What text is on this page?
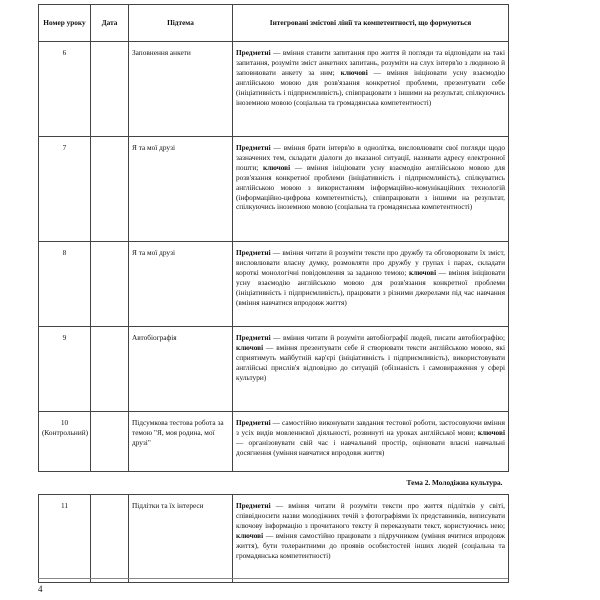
Номер уроку	Дата	Підтема	Інтегровані змістові лінії та компетентності, що формуються
6		Заповнення анкети	Предметні — вміння ставити запитання про життя й погляди та відповідати на такі запитання, розуміти зміст анкетних запитань, розуміти на слух інтерв'ю з людиною й заповнювати анкету за ним; ключові — вміння ініціювати усну взаємодію англійською мовою для розв'язання конкретної проблеми, презентувати себе (ініціативність і підприємливість), співпрацювати з іншими на результат, спілкуючись іноземною мовою (соціальна та громадянська компетентності)
7		Я та мої друзі	Предметні — вміння брати інтерв'ю в однолітка, висловлювати свої погляди щодо зазначених тем, складати діалоги до вказаної ситуації, називати адресу електронної пошти; ключові — вміння ініціювати усну взаємодію англійською мовою для розв'язання конкретної проблеми (ініціативність і підприємливість), спілкуватись англійською мовою з використанням інформаційно-комунікаційних технологій (інформаційно-цифрова компетентність), співпрацювати з іншими на результат, спілкуючись іноземною мовою (соціальна та громадянська компетентності)
8		Я та мої друзі	Предметні — вміння читати й розуміти тексти про дружбу та обговорювати їх зміст, висловлювати власну думку, розмовляти про дружбу у групах і парах, складати короткі монологічні повідомлення за заданою темою; ключові — вміння ініціювати усну взаємодію англійською мовою для розв'язання конкретної проблеми (ініціативність і підприємливість), працювати з різними джерелами під час навчання (вміння навчатися впродовж життя)
9		Автобіографія	Предметні — вміння читати й розуміти автобіографії людей, писати автобіографію; ключові — вміння презентувати себе й створювати тексти англійською мовою, які сприятимуть майбутній кар'єрі (ініціативність і підприємливість), використовувати англійські прислів'я відповідно до ситуацій (обізнаність і самовираження у сфері культури)
10 (Контрольний)		Підсумкова тестова робота за темою "Я, моя родина, мої друзі"	Предметні — самостійно виконувати завдання тестової роботи, застосовуючи вміння з усіх видів мовленнєвої діяльності, розвинуті на уроках англійської мови; ключові — організовувати свій час і навчальний простір, оцінювати власні навчальні досягнення (уміння навчатися впродовж життя)
Тема 2. Молодіжна культура.			
11		Підлітки та їх інтереси	Предметні — вміння читати й розуміти тексти про життя підлітків у світі, співвідносити назви молодіжних течій з фотографіями їх представників, виписувати ключову інформацію з прочитаного тексту й переказувати текст, користуючись нею; ключові — вміння самостійно працювати з підручником (уміння вчитися впродовж життя), бути толерантними до проявів особистостей інших людей (соціальна та громадянська компетентності)
4
